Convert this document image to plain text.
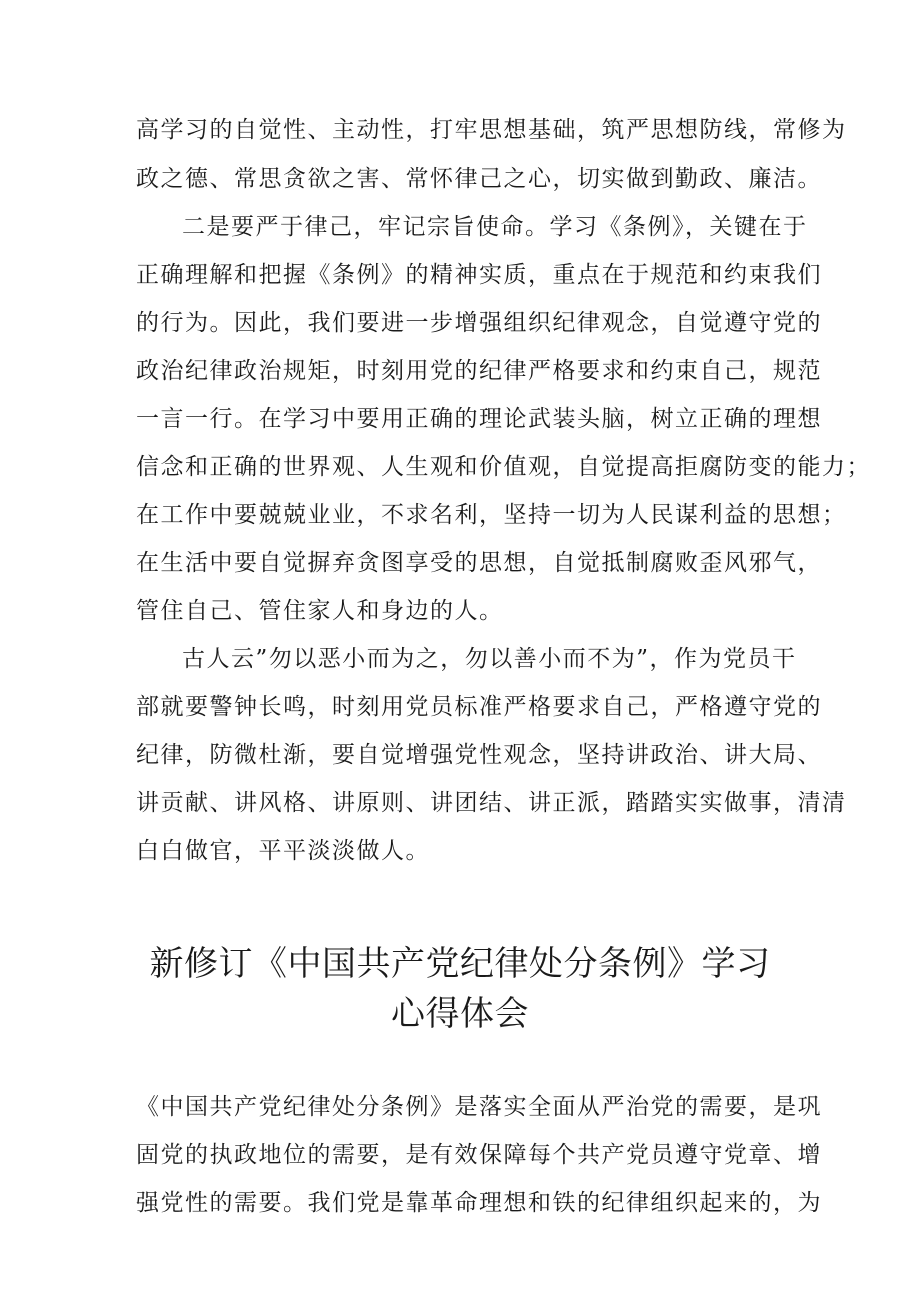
高学习的自觉性、主动性，打牢思想基础，筑严思想防线，常修为
政之德、常思贪欲之害、常怀律己之心，切实做到勤政、廉洁。
二是要严于律己，牢记宗旨使命。学习《条例》，关键在于
正确理解和把握《条例》的精神实质，重点在于规范和约束我们
的行为。因此，我们要进一步增强组织纪律观念，自觉遵守党的
政治纪律政治规矩，时刻用党的纪律严格要求和约束自己，规范
一言一行。在学习中要用正确的理论武装头脑，树立正确的理想
信念和正确的世界观、人生观和价值观，自觉提高拒腐防变的能力；
在工作中要兢兢业业，不求名利，坚持一切为人民谋利益的思想；
在生活中要自觉摒弃贪图享受的思想，自觉抵制腐败歪风邪气，
管住自己、管住家人和身边的人。
古人云”勿以恶小而为之，勿以善小而不为”，作为党员干
部就要警钟长鸣，时刻用党员标准严格要求自己，严格遵守党的
纪律，防微杜渐，要自觉增强党性观念，坚持讲政治、讲大局、
讲贡献、讲风格、讲原则、讲团结、讲正派，踏踏实实做事，清清
白白做官，平平淡淡做人。
新修订《中国共产党纪律处分条例》学习
心得体会
《中国共产党纪律处分条例》是落实全面从严治党的需要，是巩
固党的执政地位的需要，是有效保障每个共产党员遵守党章、增
强党性的需要。我们党是靠革命理想和铁的纪律组织起来的，为
